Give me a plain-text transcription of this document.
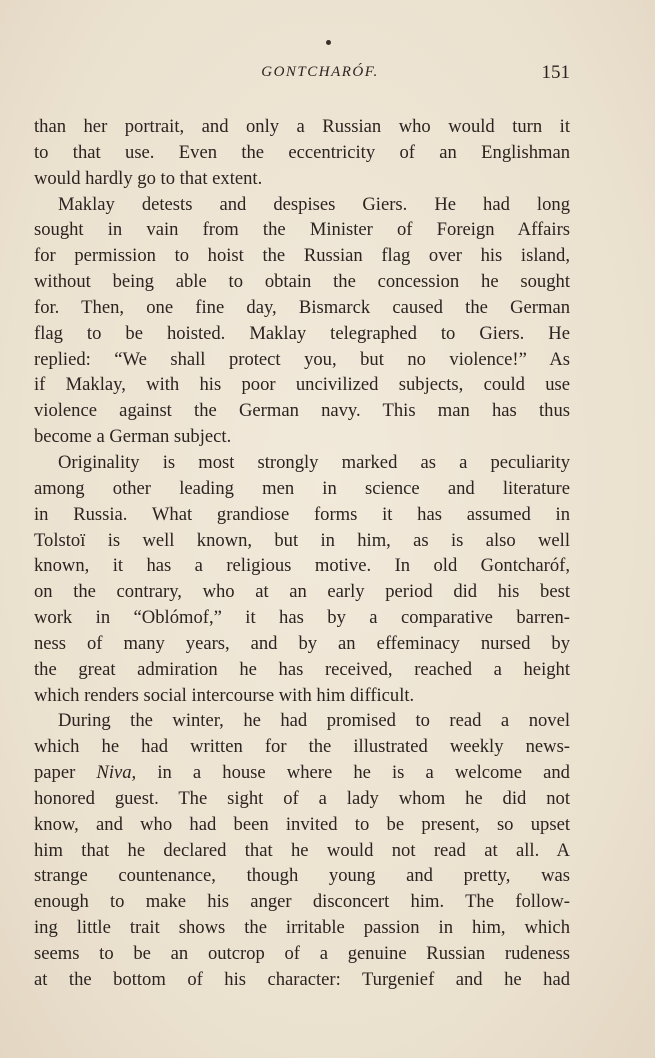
GONTCHARÓF.	151
than her portrait, and only a Russian who would turn it
to that use. Even the eccentricity of an Englishman
would hardly go to that extent.
Maklay detests and despises Giers. He had long
sought in vain from the Minister of Foreign Affairs
for permission to hoist the Russian flag over his island,
without being able to obtain the concession he sought
for. Then, one fine day, Bismarck caused the German
flag to be hoisted. Maklay telegraphed to Giers. He
replied: “We shall protect you, but no violence!” As
if Maklay, with his poor uncivilized subjects, could use
violence against the German navy. This man has thus
become a German subject.
Originality is most strongly marked as a peculiarity
among other leading men in science and literature
in Russia. What grandiose forms it has assumed in
Tolstoï is well known, but in him, as is also well
known, it has a religious motive. In old Gontcharóf,
on the contrary, who at an early period did his best
work in “Oblómof,” it has by a comparative barren-
ness of many years, and by an effeminacy nursed by
the great admiration he has received, reached a height
which renders social intercourse with him difficult.
During the winter, he had promised to read a novel
which he had written for the illustrated weekly news-
paper Niva, in a house where he is a welcome and
honored guest. The sight of a lady whom he did not
know, and who had been invited to be present, so upset
him that he declared that he would not read at all. A
strange countenance, though young and pretty, was
enough to make his anger disconcert him. The follow-
ing little trait shows the irritable passion in him, which
seems to be an outcrop of a genuine Russian rudeness
at the bottom of his character: Turgenief and he had
